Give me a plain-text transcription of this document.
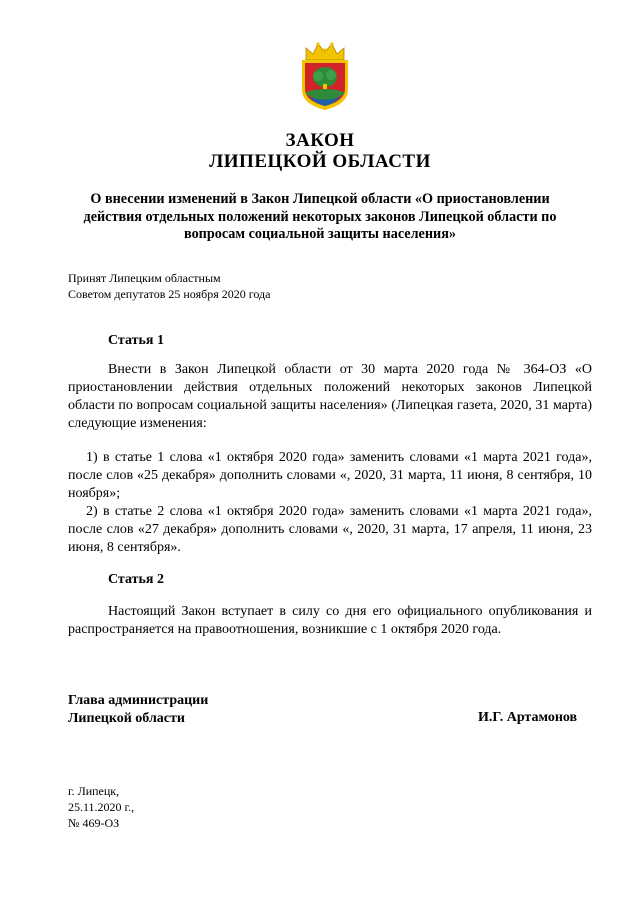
ЗАКОН
ЛИПЕЦКОЙ ОБЛАСТИ
О внесении изменений в Закон Липецкой области «О приостановлении действия отдельных положений некоторых законов Липецкой области по вопросам социальной защиты населения»
Принят Липецким областным
Советом депутатов 25 ноября 2020 года
Статья 1

Внести в Закон Липецкой области от 30 марта 2020 года № 364-ОЗ «О приостановлении действия отдельных положений некоторых законов Липецкой области по вопросам социальной защиты населения» (Липецкая газета, 2020, 31 марта) следующие изменения:

1) в статье 1 слова «1 октября 2020 года» заменить словами «1 марта 2021 года», после слов «25 декабря» дополнить словами «, 2020, 31 марта, 11 июня, 8 сентября, 10 ноября»;

2) в статье 2 слова «1 октября 2020 года» заменить словами «1 марта 2021 года», после слов «27 декабря» дополнить словами «, 2020, 31 марта, 17 апреля, 11 июня, 23 июня, 8 сентября».

Статья 2

Настоящий Закон вступает в силу со дня его официального опубликования и распространяется на правоотношения, возникшие с 1 октября 2020 года.

Глава администрации
Липецкой области	И.Г. Артамонов
г. Липецк,
25.11.2020 г.,
№ 469-ОЗ
